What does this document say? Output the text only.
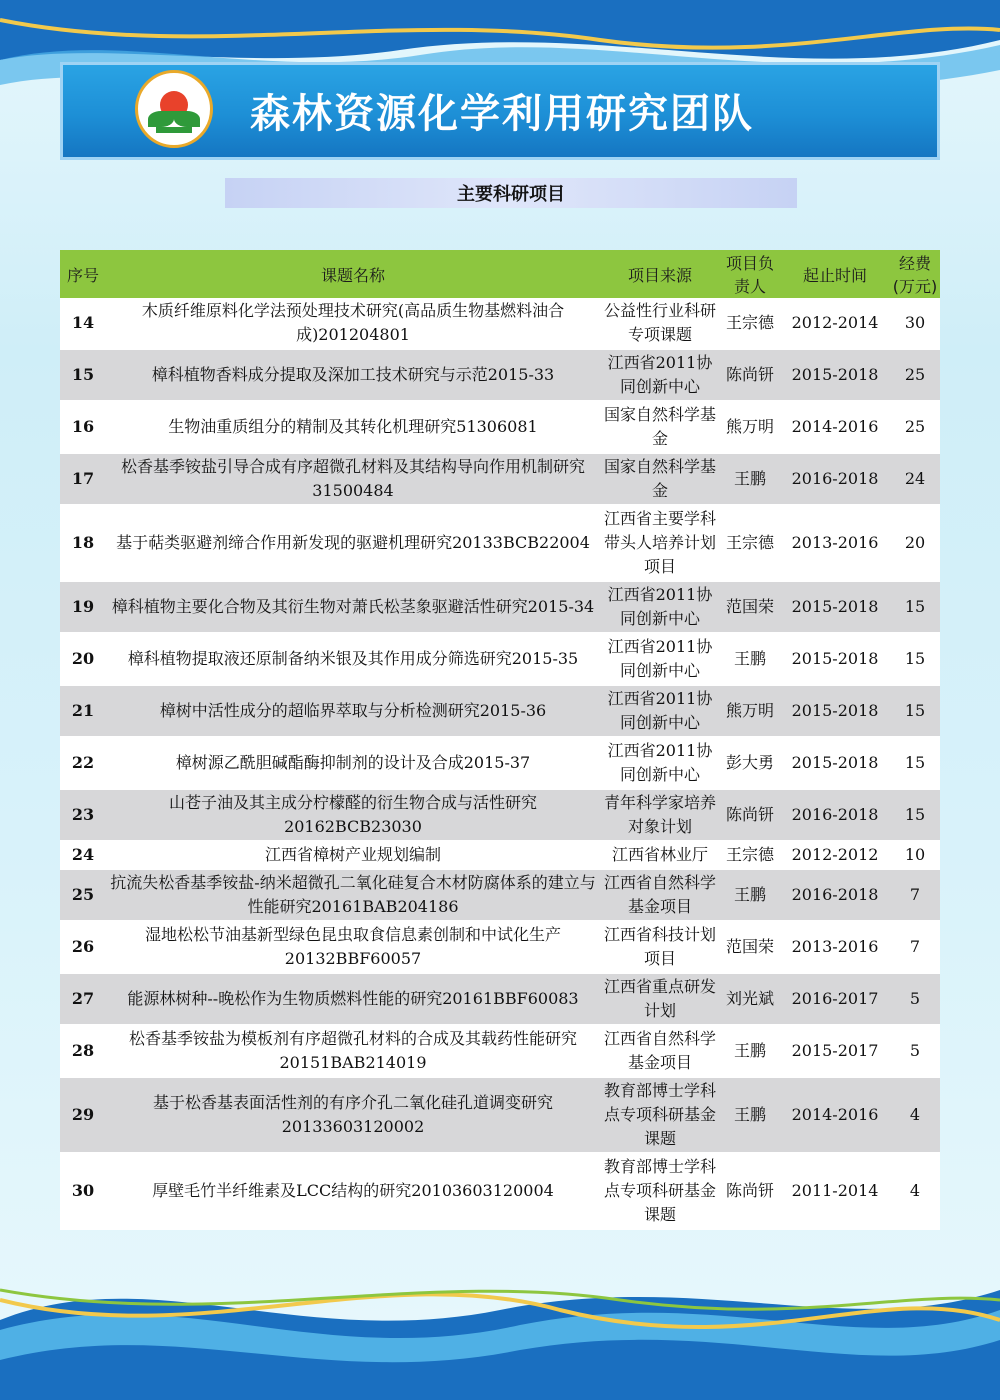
森林资源化学利用研究团队
主要科研项目
序号	课题名称	项目来源	项目负责人	起止时间	经费(万元)
14	木质纤维原料化学法预处理技术研究(高品质生物基燃料油合成)201204801	公益性行业科研专项课题	王宗德	2012-2014	30
15	樟科植物香料成分提取及深加工技术研究与示范2015-33	江西省2011协同创新中心	陈尚钘	2015-2018	25
16	生物油重质组分的精制及其转化机理研究51306081	国家自然科学基金	熊万明	2014-2016	25
17	松香基季铵盐引导合成有序超微孔材料及其结构导向作用机制研究31500484	国家自然科学基金	王鹏	2016-2018	24
18	基于萜类驱避剂缔合作用新发现的驱避机理研究20133BCB22004	江西省主要学科带头人培养计划项目	王宗德	2013-2016	20
19	樟科植物主要化合物及其衍生物对萧氏松茎象驱避活性研究2015-34	江西省2011协同创新中心	范国荣	2015-2018	15
20	樟科植物提取液还原制备纳米银及其作用成分筛选研究2015-35	江西省2011协同创新中心	王鹏	2015-2018	15
21	樟树中活性成分的超临界萃取与分析检测研究2015-36	江西省2011协同创新中心	熊万明	2015-2018	15
22	樟树源乙酰胆碱酯酶抑制剂的设计及合成2015-37	江西省2011协同创新中心	彭大勇	2015-2018	15
23	山苍子油及其主成分柠檬醛的衍生物合成与活性研究20162BCB23030	青年科学家培养对象计划	陈尚钘	2016-2018	15
24	江西省樟树产业规划编制	江西省林业厅	王宗德	2012-2012	10
25	抗流失松香基季铵盐-纳米超微孔二氧化硅复合木材防腐体系的建立与性能研究20161BAB204186	江西省自然科学基金项目	王鹏	2016-2018	7
26	湿地松松节油基新型绿色昆虫取食信息素创制和中试化生产20132BBF60057	江西省科技计划项目	范国荣	2013-2016	7
27	能源林树种--晚松作为生物质燃料性能的研究20161BBF60083	江西省重点研发计划	刘光斌	2016-2017	5
28	松香基季铵盐为模板剂有序超微孔材料的合成及其载药性能研究20151BAB214019	江西省自然科学基金项目	王鹏	2015-2017	5
29	基于松香基表面活性剂的有序介孔二氧化硅孔道调变研究20133603120002	教育部博士学科点专项科研基金课题	王鹏	2014-2016	4
30	厚壁毛竹半纤维素及LCC结构的研究20103603120004	教育部博士学科点专项科研基金课题	陈尚钘	2011-2014	4
